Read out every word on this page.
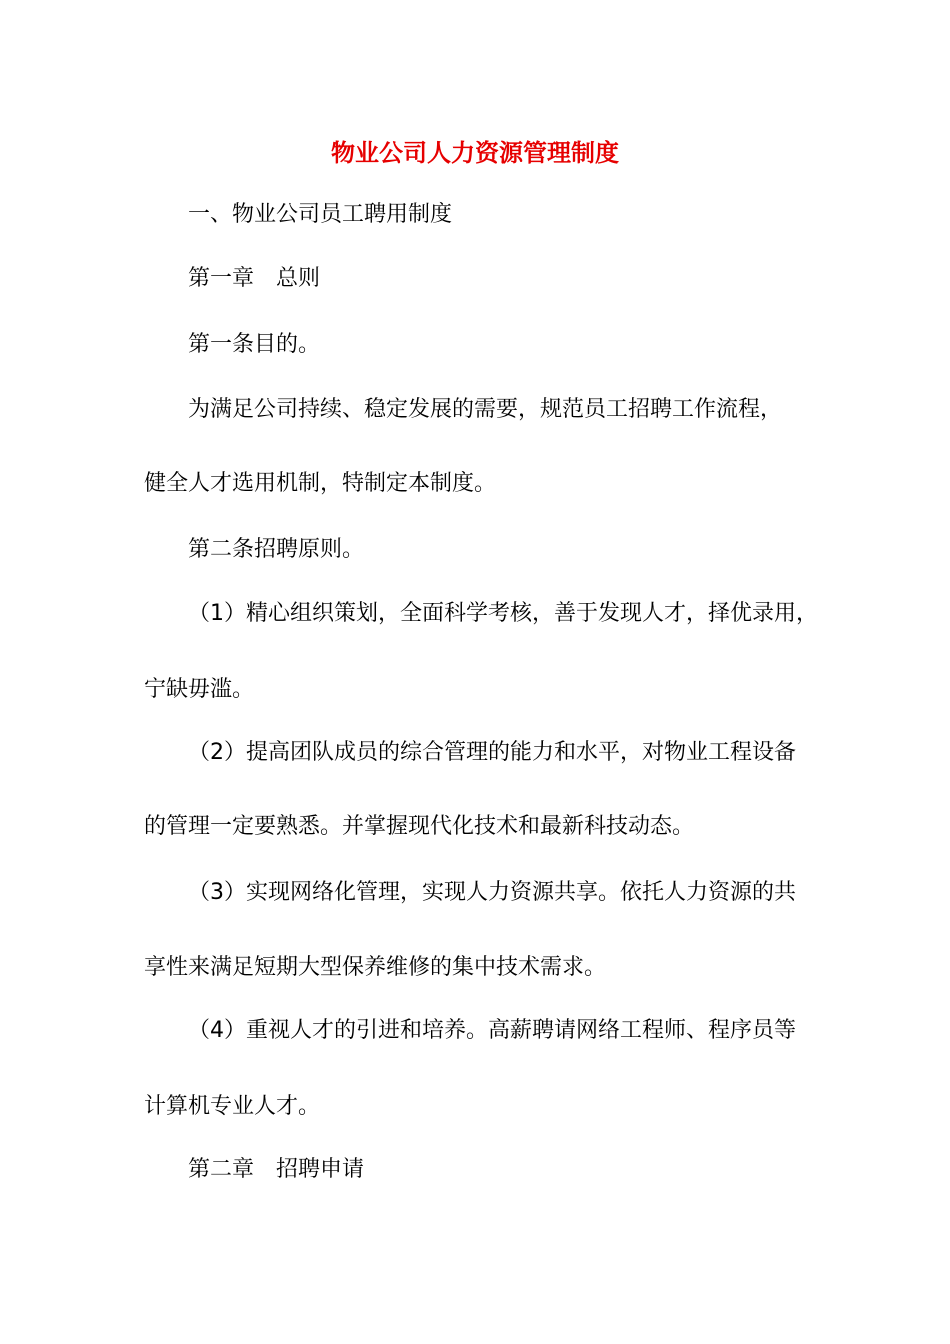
物业公司人力资源管理制度
一、物业公司员工聘用制度
第一章　总则
第一条目的。
为满足公司持续、稳定发展的需要，规范员工招聘工作流程，
健全人才选用机制，特制定本制度。
第二条招聘原则。
（1）精心组织策划，全面科学考核，善于发现人才，择优录用，
宁缺毋滥。
（2）提高团队成员的综合管理的能力和水平，对物业工程设备
的管理一定要熟悉。并掌握现代化技术和最新科技动态。
（3）实现网络化管理，实现人力资源共享。依托人力资源的共
享性来满足短期大型保养维修的集中技术需求。
（4）重视人才的引进和培养。高薪聘请网络工程师、程序员等
计算机专业人才。
第二章　招聘申请
